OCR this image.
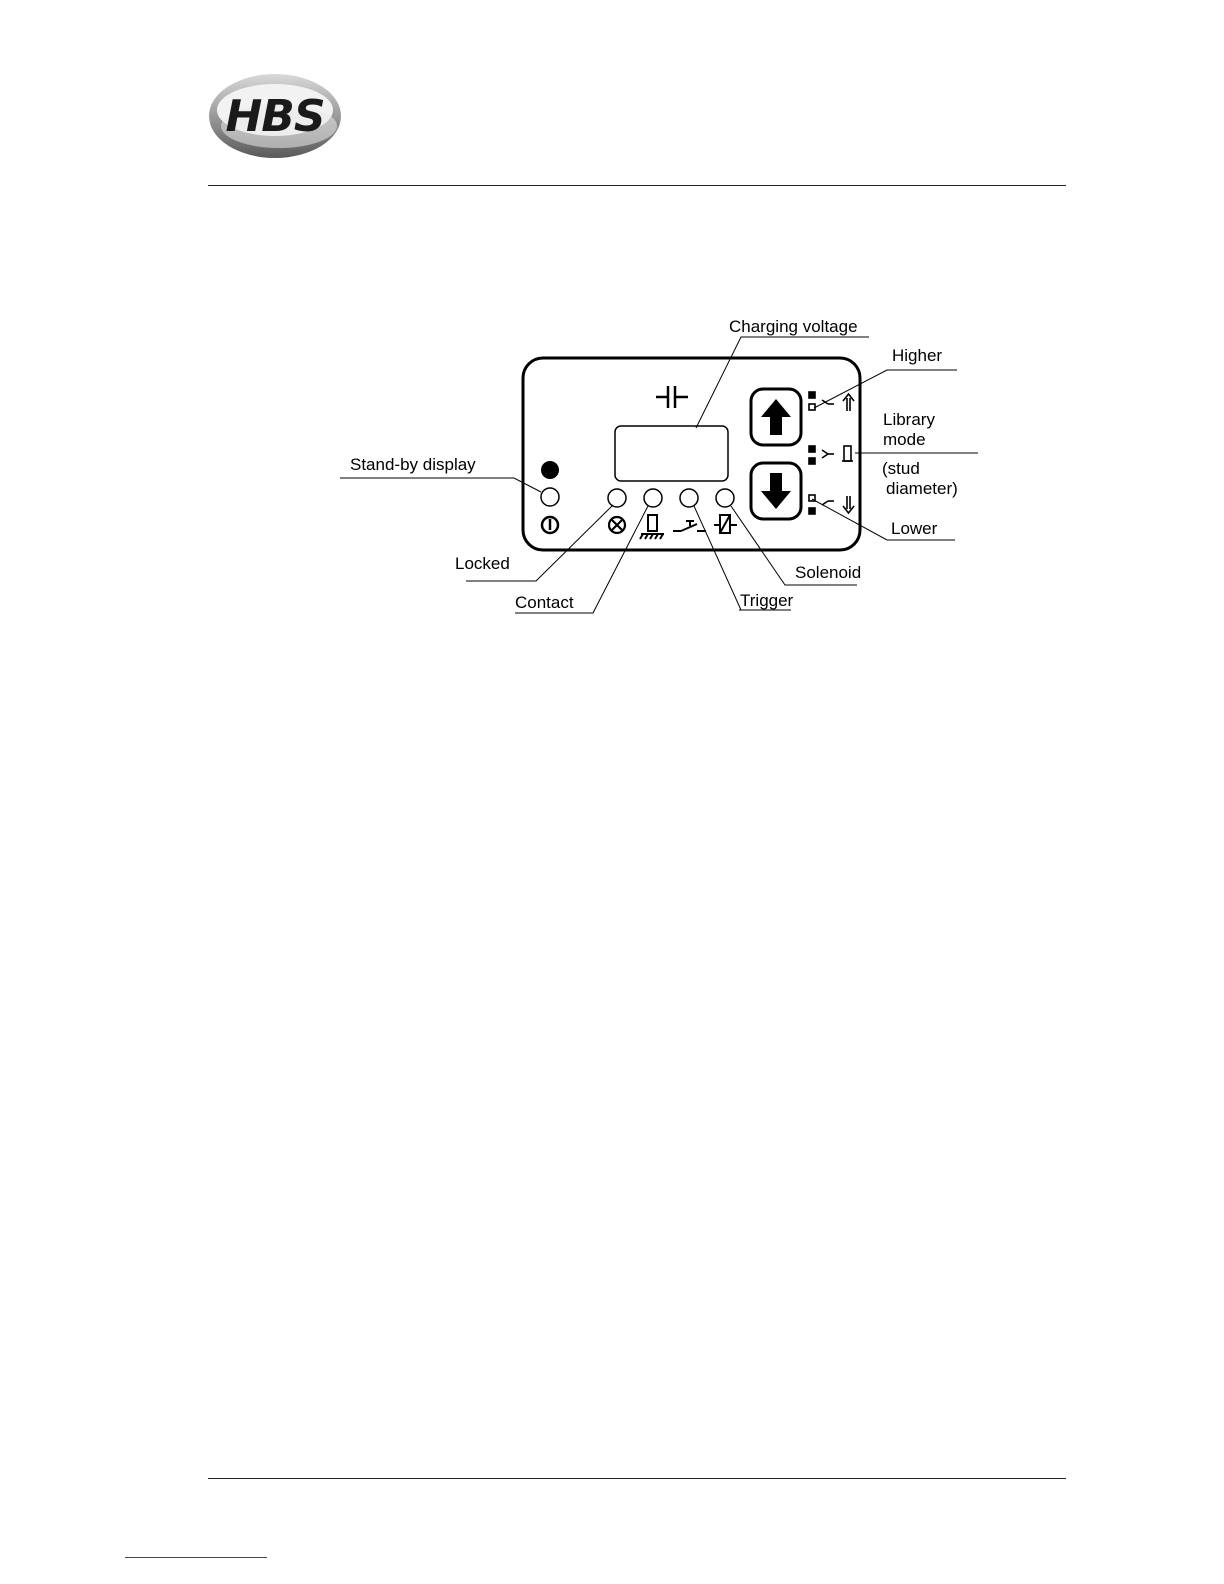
HBS
Charging voltage
Higher
Library
mode
(stud
diameter)
Lower
Stand-by display
Locked
Contact	Trigger
Solenoid
